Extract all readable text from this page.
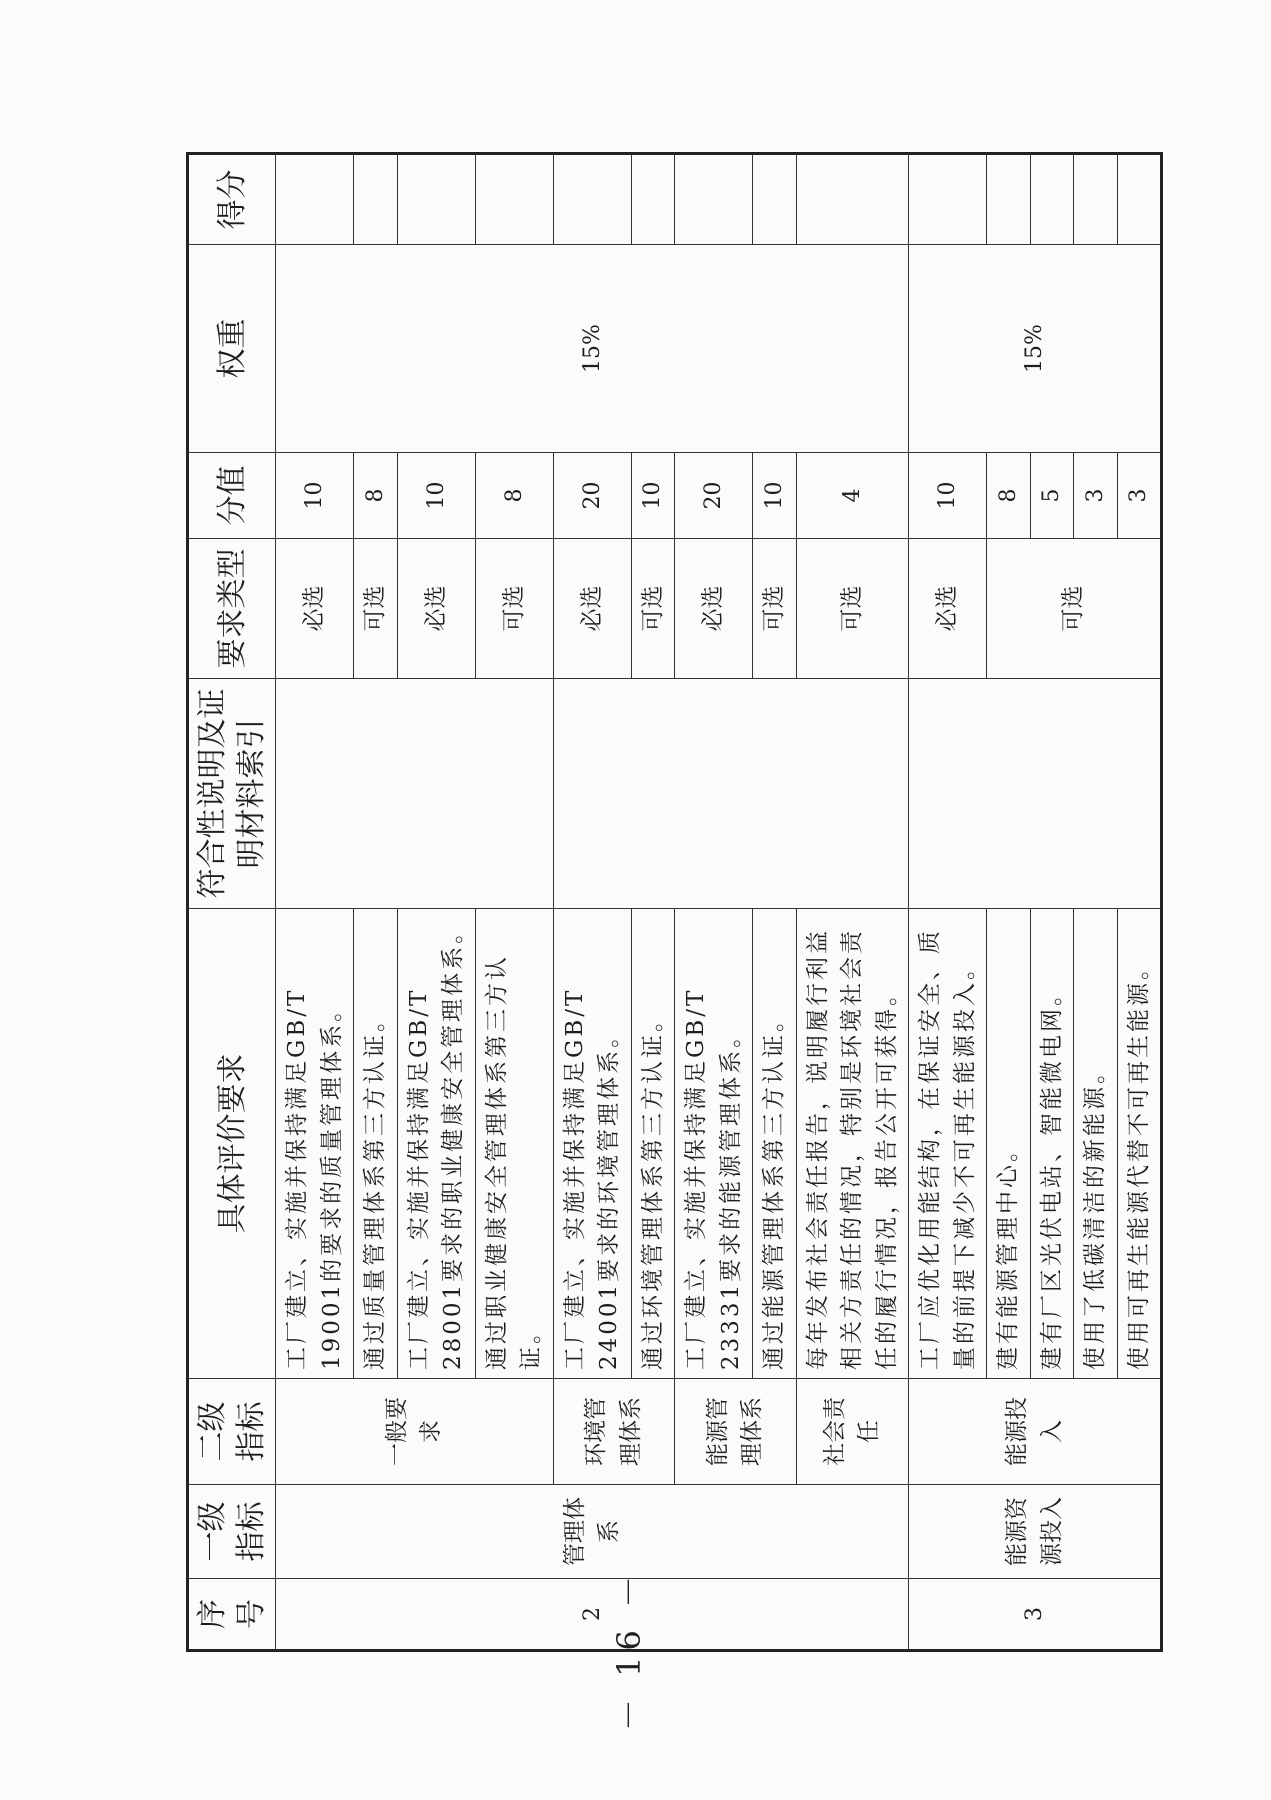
序号	一级指标	二级指标	具体评价要求	符合性说明及证明材料索引	要求类型	分值	权重	得分
2	管理体系	一般要求	工厂建立、实施并保持满足GB/T 19001的要求的质量管理体系。		必选	10	15%	
			通过质量管理体系第三方认证。		可选	8		
			工厂建立、实施并保持满足GB/T 28001要求的职业健康安全管理体系。		必选	10		
			通过职业健康安全管理体系第三方认证。		可选	8		
		环境管理体系	工厂建立、实施并保持满足GB/T 24001要求的环境管理体系。		必选	20		
			通过环境管理体系第三方认证。		可选	10		
		能源管理体系	工厂建立、实施并保持满足GB/T 23331要求的能源管理体系。		必选	20		
			通过能源管理体系第三方认证。		可选	10		
		社会责任	每年发布社会责任报告，说明履行利益相关方责任的情况，特别是环境社会责任的履行情况，报告公开可获得。		可选	4		
3	能源资源投入	能源投入	工厂应优化用能结构，在保证安全、质量的前提下减少不可再生能源投入。		必选	10	15%	
			建有能源管理中心。		可选	8		
			建有厂区光伏电站、智能微电网。			5		
			使用了低碳清洁的新能源。			3		
			使用可再生能源代替不可再生能源。			3		
－ 16 －
